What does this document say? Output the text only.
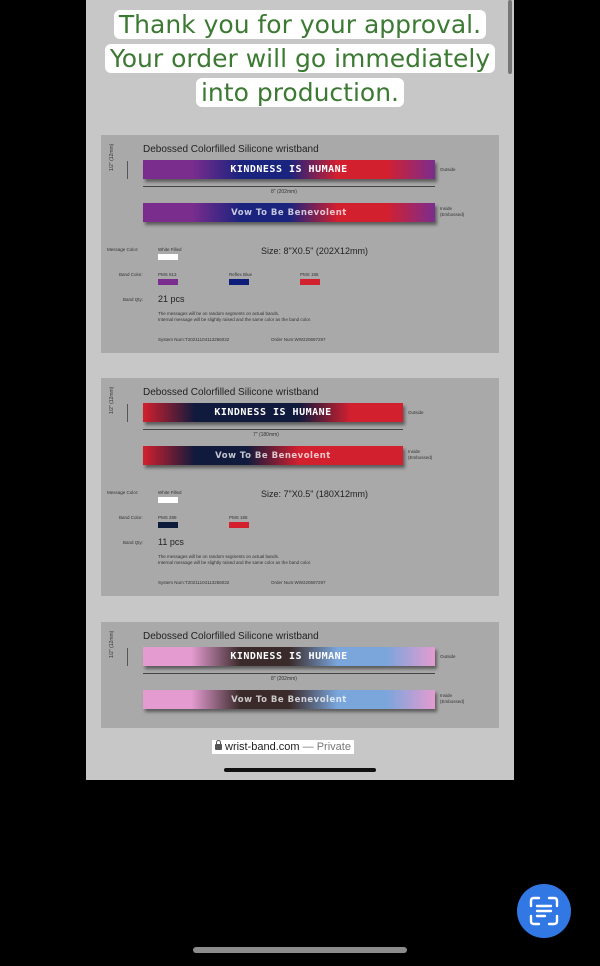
Thank you for your approval. Your order will go immediately into production.
Debossed Colorfilled Silicone wristband
1/2" (12mm)	KINDNESS IS HUMANE	Outside
8" (202mm)
Vow To Be Benevolent	Inside
(Embossed)
Message Color:	White Filled	Size: 8"X0.5" (202X12mm)
Band Color:	PMS 513	Reflex Blue	PMS 185
Band Qty: 21 pcs
The messages will be on random segments on actual bands.
Internal message will be slightly raised and the same color as the band color.
System Num:T20211104113266032	Order Num:WW220697297
Debossed Colorfilled Silicone wristband
1/2" (12mm)	KINDNESS IS HUMANE	Outside
7" (180mm)
Vow To Be Benevolent	Inside
(Embossed)
Message Color:	White Filled	Size: 7"X0.5" (180X12mm)
Band Color:	PMS 289	PMS 185
Band Qty: 11 pcs
The messages will be on random segments on actual bands.
Internal message will be slightly raised and the same color as the band color.
System Num:T20211104113266032	Order Num:WW220697297
Debossed Colorfilled Silicone wristband
1/2" (12mm)	KINDNESS IS HUMANE	Outside
8" (202mm)
Vow To Be Benevolent	Inside
(Embossed)
wrist-band.com — Private
